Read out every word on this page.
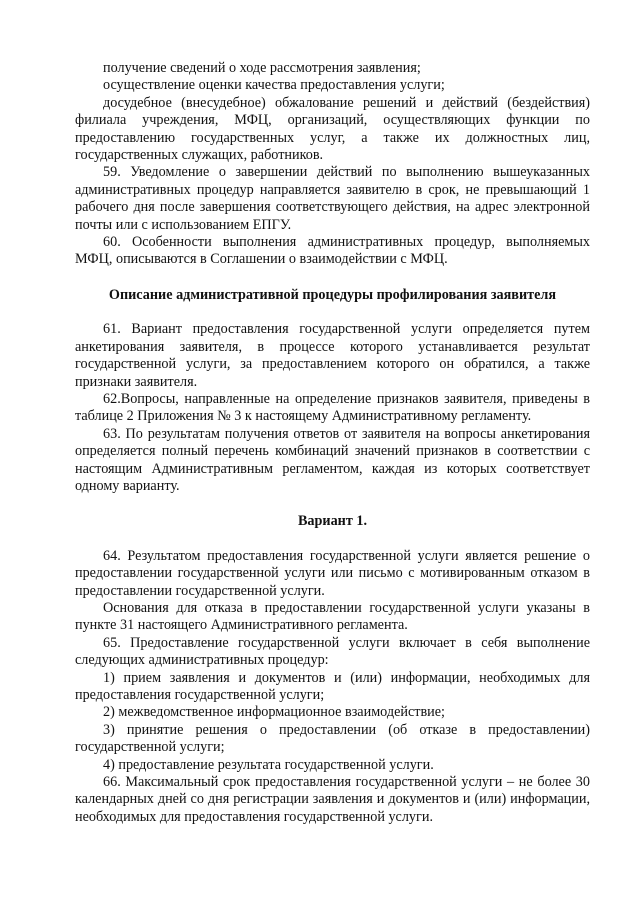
получение сведений о ходе рассмотрения заявления;

осуществление оценки качества предоставления услуги;

досудебное (внесудебное) обжалование решений и действий (бездействия) филиала учреждения, МФЦ, организаций, осуществляющих функции по предоставлению государственных услуг, а также их должностных лиц, государственных служащих, работников.

59. Уведомление о завершении действий по выполнению вышеуказанных административных процедур направляется заявителю в срок, не превышающий 1 рабочего дня после завершения соответствующего действия, на адрес электронной почты или с использованием ЕПГУ.

60. Особенности выполнения административных процедур, выполняемых МФЦ, описываются в Соглашении о взаимодействии с МФЦ.

Описание административной процедуры профилирования заявителя

61. Вариант предоставления государственной услуги определяется путем анкетирования заявителя, в процессе которого устанавливается результат государственной услуги, за предоставлением которого он обратился, а также признаки заявителя.

62.Вопросы, направленные на определение признаков заявителя, приведены в таблице 2 Приложения № 3 к настоящему Административному регламенту.

63. По результатам получения ответов от заявителя на вопросы анкетирования определяется полный перечень комбинаций значений признаков в соответствии с настоящим Административным регламентом, каждая из которых соответствует одному варианту.

Вариант 1.

64. Результатом предоставления государственной услуги является решение о предоставлении государственной услуги или письмо с мотивированным отказом в предоставлении государственной услуги.

Основания для отказа в предоставлении государственной услуги указаны в пункте 31 настоящего Административного регламента.

65. Предоставление государственной услуги включает в себя выполнение следующих административных процедур:

1) прием заявления и документов и (или) информации, необходимых для предоставления государственной услуги;

2) межведомственное информационное взаимодействие;

3) принятие решения о предоставлении (об отказе в предоставлении) государственной услуги;

4) предоставление результата государственной услуги.

66. Максимальный срок предоставления государственной услуги – не более 30 календарных дней со дня регистрации заявления и документов и (или) информации, необходимых для предоставления государственной услуги.
